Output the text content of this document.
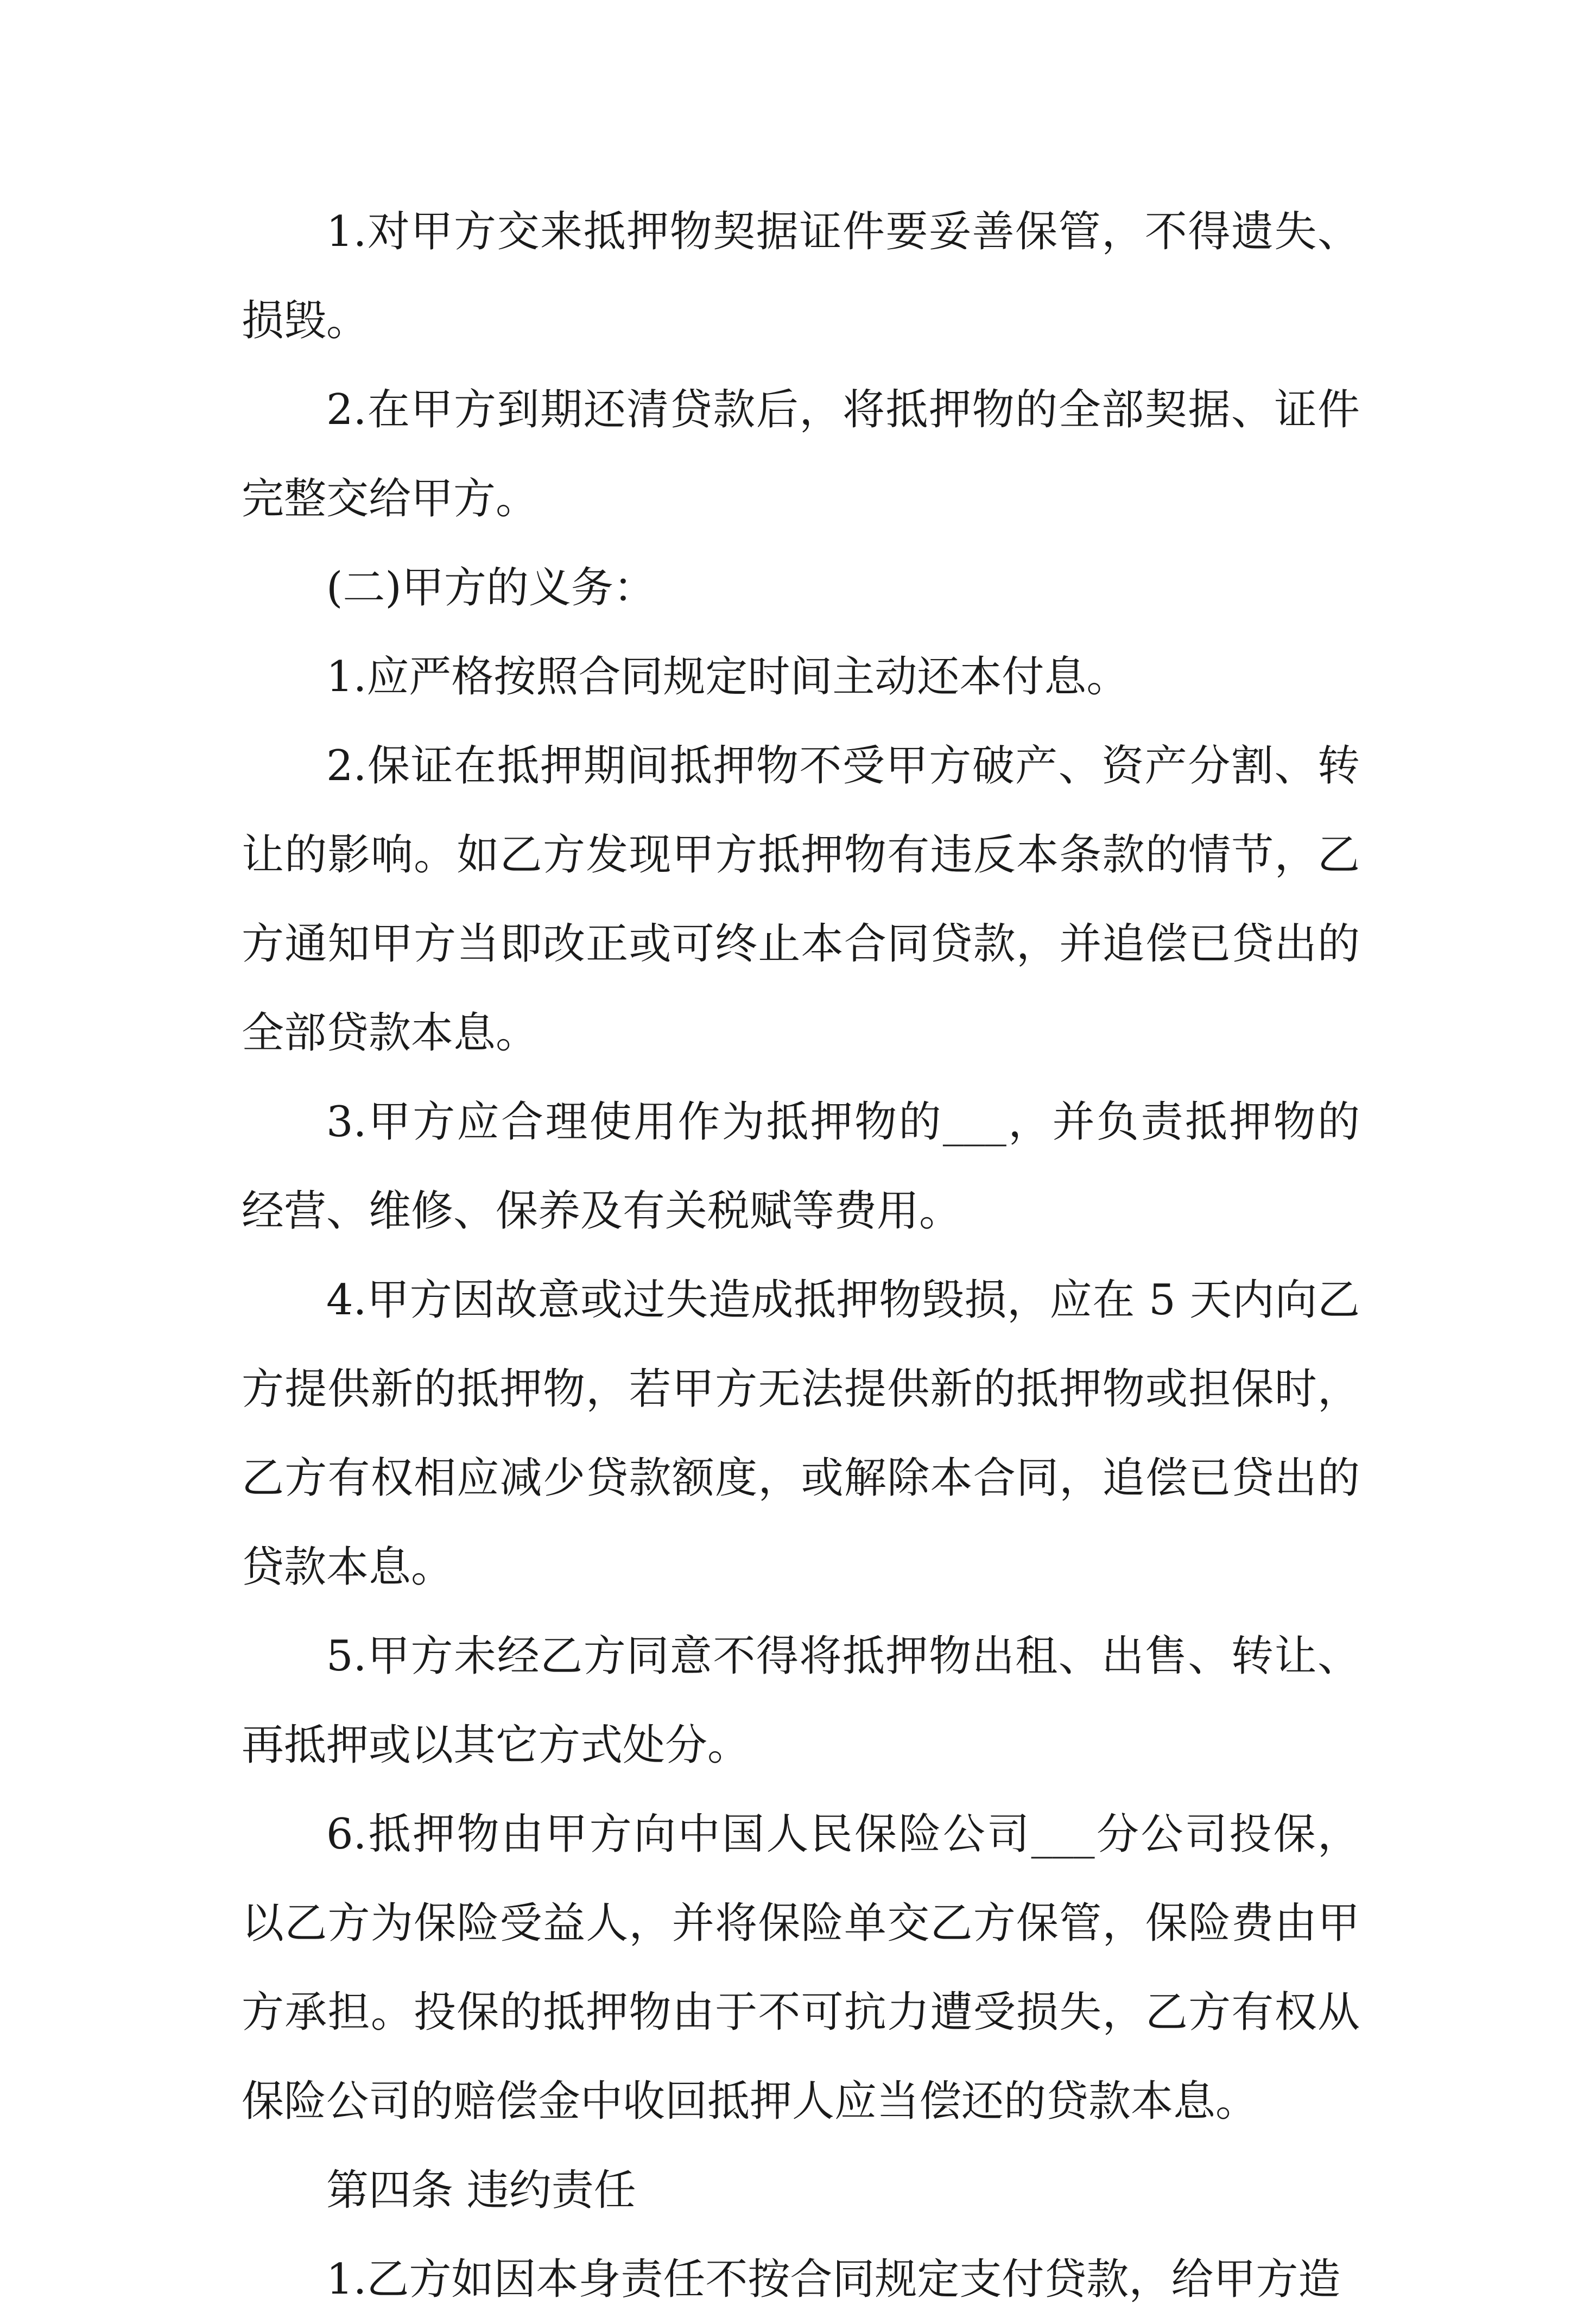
1.对甲方交来抵押物契据证件要妥善保管，不得遗失、损毁。

2.在甲方到期还清贷款后，将抵押物的全部契据、证件完整交给甲方。

(二)甲方的义务：

1.应严格按照合同规定时间主动还本付息。

2.保证在抵押期间抵押物不受甲方破产、资产分割、转让的影响。如乙方发现甲方抵押物有违反本条款的情节，乙方通知甲方当即改正或可终止本合同贷款，并追偿已贷出的全部贷款本息。

3.甲方应合理使用作为抵押物的___，并负责抵押物的经营、维修、保养及有关税赋等费用。

4.甲方因故意或过失造成抵押物毁损，应在 5 天内向乙方提供新的抵押物，若甲方无法提供新的抵押物或担保时，乙方有权相应减少贷款额度，或解除本合同，追偿已贷出的贷款本息。

5.甲方未经乙方同意不得将抵押物出租、出售、转让、再抵押或以其它方式处分。

6.抵押物由甲方向中国人民保险公司___分公司投保，以乙方为保险受益人，并将保险单交乙方保管，保险费由甲方承担。投保的抵押物由于不可抗力遭受损失，乙方有权从保险公司的赔偿金中收回抵押人应当偿还的贷款本息。

第四条 违约责任

1.乙方如因本身责任不按合同规定支付贷款，给甲方造
